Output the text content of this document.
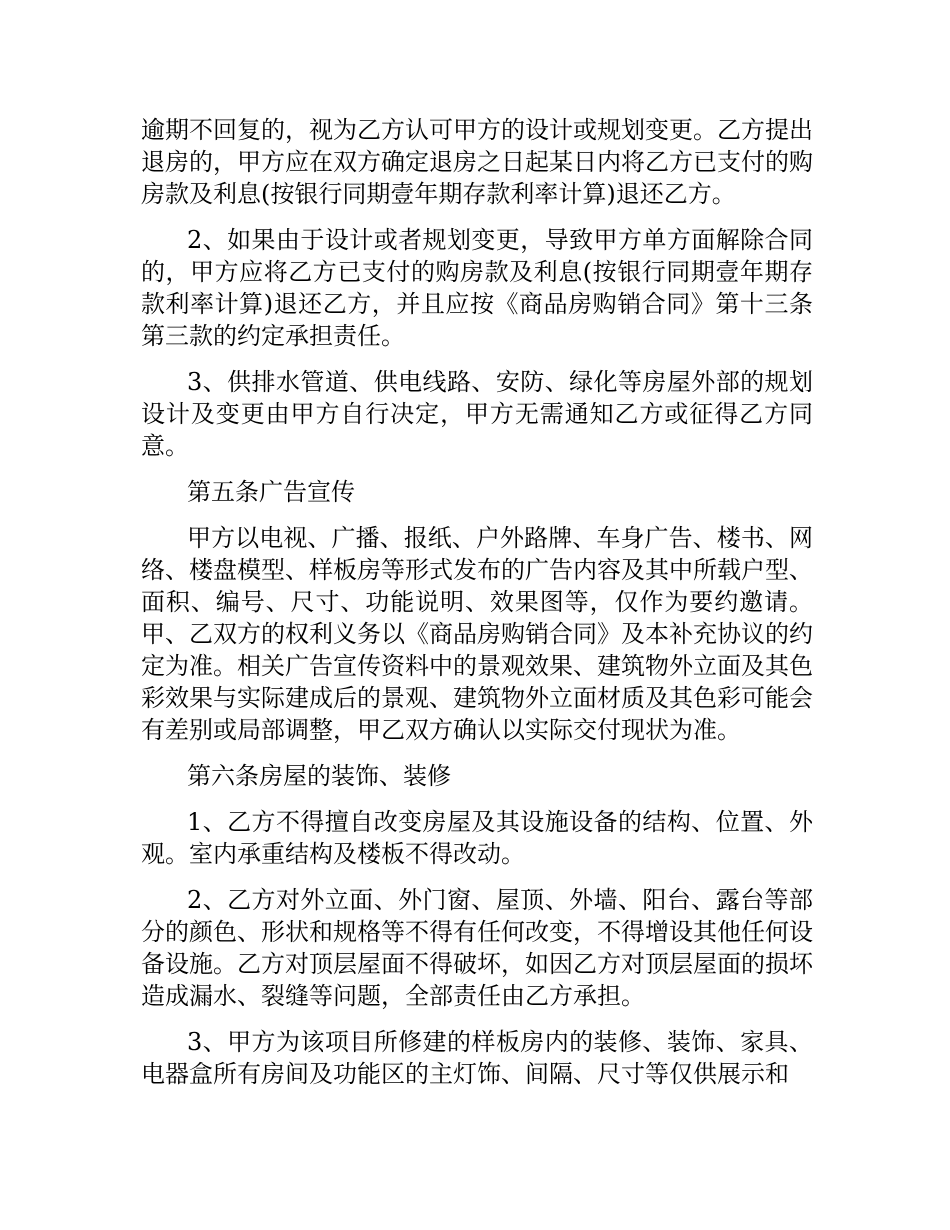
逾期不回复的，视为乙方认可甲方的设计或规划变更。乙方提出退房的，甲方应在双方确定退房之日起某日内将乙方已支付的购房款及利息(按银行同期壹年期存款利率计算)退还乙方。

2、如果由于设计或者规划变更，导致甲方单方面解除合同的，甲方应将乙方已支付的购房款及利息(按银行同期壹年期存款利率计算)退还乙方，并且应按《商品房购销合同》第十三条第三款的约定承担责任。

3、供排水管道、供电线路、安防、绿化等房屋外部的规划设计及变更由甲方自行决定，甲方无需通知乙方或征得乙方同意。

第五条广告宣传

甲方以电视、广播、报纸、户外路牌、车身广告、楼书、网络、楼盘模型、样板房等形式发布的广告内容及其中所载户型、面积、编号、尺寸、功能说明、效果图等，仅作为要约邀请。甲、乙双方的权利义务以《商品房购销合同》及本补充协议的约定为准。相关广告宣传资料中的景观效果、建筑物外立面及其色彩效果与实际建成后的景观、建筑物外立面材质及其色彩可能会有差别或局部调整，甲乙双方确认以实际交付现状为准。

第六条房屋的装饰、装修

1、乙方不得擅自改变房屋及其设施设备的结构、位置、外观。室内承重结构及楼板不得改动。

2、乙方对外立面、外门窗、屋顶、外墙、阳台、露台等部分的颜色、形状和规格等不得有任何改变，不得增设其他任何设备设施。乙方对顶层屋面不得破坏，如因乙方对顶层屋面的损坏造成漏水、裂缝等问题，全部责任由乙方承担。

3、甲方为该项目所修建的样板房内的装修、装饰、家具、电器盒所有房间及功能区的主灯饰、间隔、尺寸等仅供展示和
